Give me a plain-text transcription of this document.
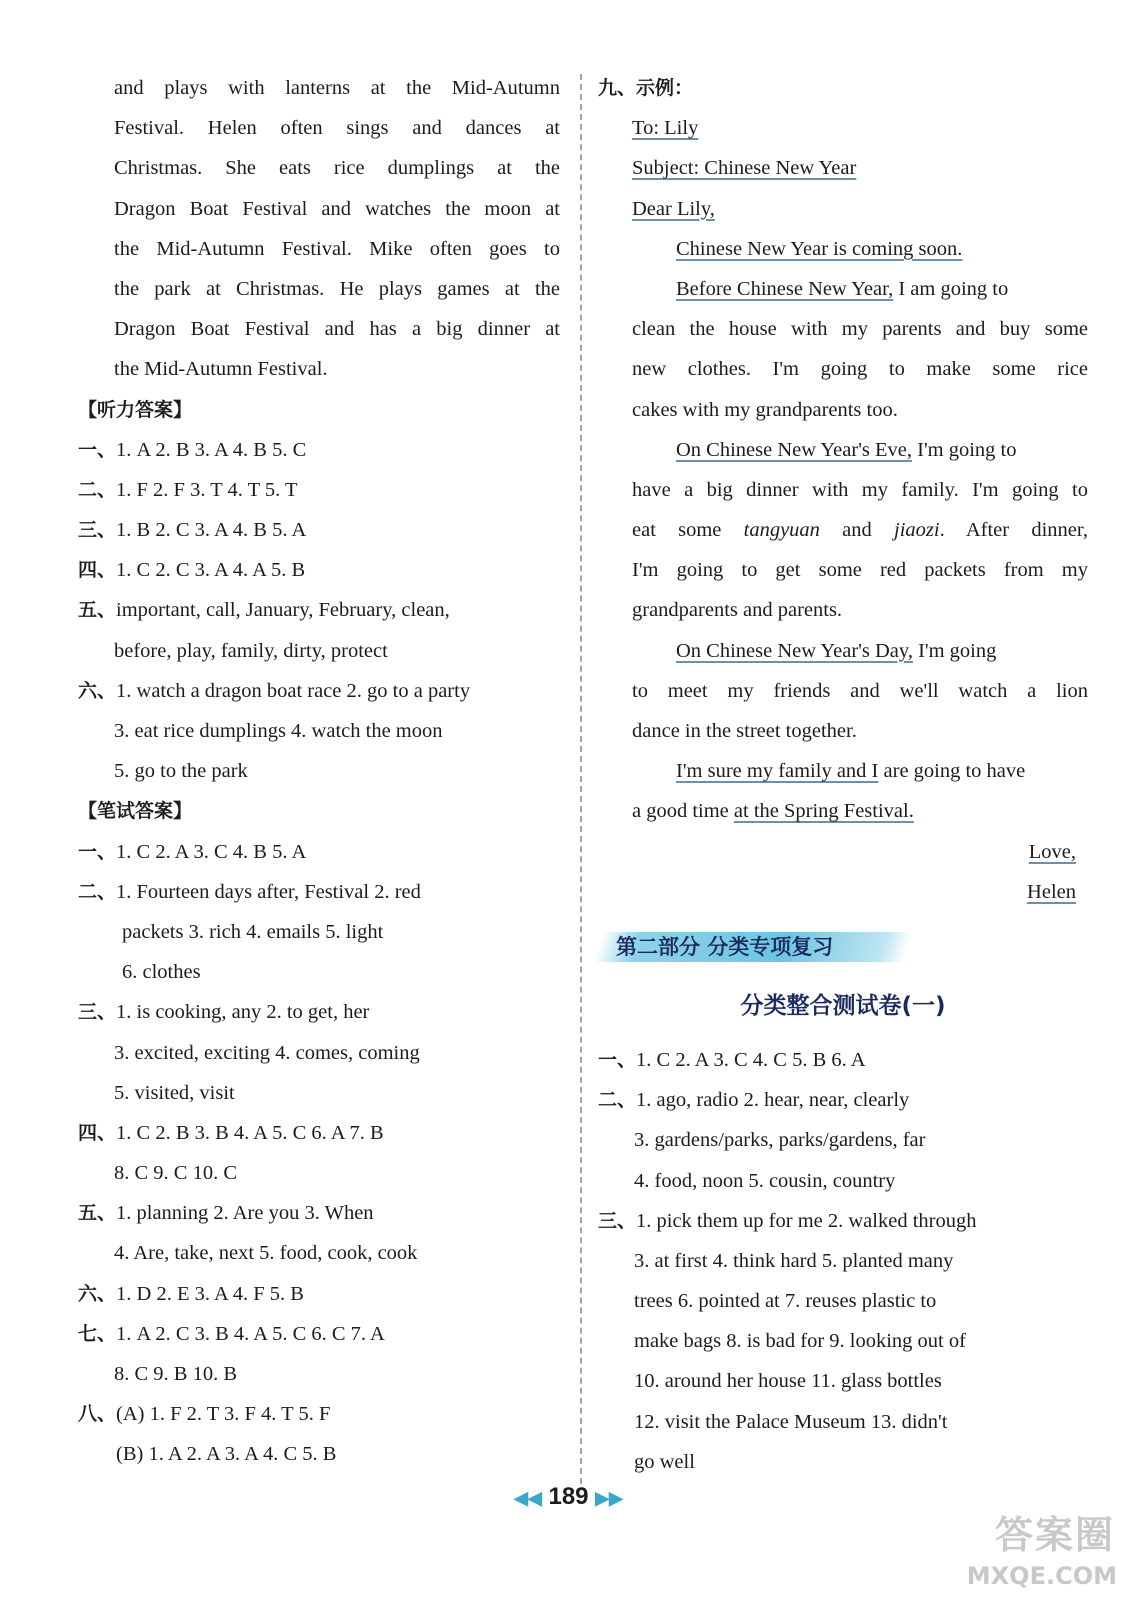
and plays with lanterns at the Mid-Autumn
Festival. Helen often sings and dances at
Christmas. She eats rice dumplings at the
Dragon Boat Festival and watches the moon at
the Mid-Autumn Festival. Mike often goes to
the park at Christmas. He plays games at the
Dragon Boat Festival and has a big dinner at
the Mid-Autumn Festival.
【听力答案】
一、1. A 2. B 3. A 4. B 5. C
二、1. F 2. F 3. T 4. T 5. T
三、1. B 2. C 3. A 4. B 5. A
四、1. C 2. C 3. A 4. A 5. B
五、important, call, January, February, clean,
before, play, family, dirty, protect
六、1. watch a dragon boat race 2. go to a party
3. eat rice dumplings 4. watch the moon
5. go to the park
【笔试答案】
一、1. C 2. A 3. C 4. B 5. A
二、1. Fourteen days after, Festival 2. red
packets 3. rich 4. emails 5. light
6. clothes
三、1. is cooking, any 2. to get, her
3. excited, exciting 4. comes, coming
5. visited, visit
四、1. C 2. B 3. B 4. A 5. C 6. A 7. B
8. C 9. C 10. C
五、1. planning 2. Are you 3. When
4. Are, take, next 5. food, cook, cook
六、1. D 2. E 3. A 4. F 5. B
七、1. A 2. C 3. B 4. A 5. C 6. C 7. A
8. C 9. B 10. B
八、(A) 1. F 2. T 3. F 4. T 5. F
(B) 1. A 2. A 3. A 4. C 5. B
九、示例：
To: Lily
Subject: Chinese New Year
Dear Lily,
Chinese New Year is coming soon.
Before Chinese New Year, I am going to
clean the house with my parents and buy some
new clothes. I'm going to make some rice
cakes with my grandparents too.
On Chinese New Year's Eve, I'm going to
have a big dinner with my family. I'm going to
eat some tangyuan and jiaozi. After dinner,
I'm going to get some red packets from my
grandparents and parents.
On Chinese New Year's Day, I'm going
to meet my friends and we'll watch a lion
dance in the street together.
I'm sure my family and I are going to have
a good time at the Spring Festival.
Love,
Helen
第二部分 分类专项复习
分类整合测试卷(一)
一、1. C 2. A 3. C 4. C 5. B 6. A
二、1. ago, radio 2. hear, near, clearly
3. gardens/parks, parks/gardens, far
4. food, noon 5. cousin, country
三、1. pick them up for me 2. walked through
3. at first 4. think hard 5. planted many
trees 6. pointed at 7. reuses plastic to
make bags 8. is bad for 9. looking out of
10. around her house 11. glass bottles
12. visit the Palace Museum 13. didn't
go well
◀◀ 189 ▶▶
答案圈
MXQE.COM
